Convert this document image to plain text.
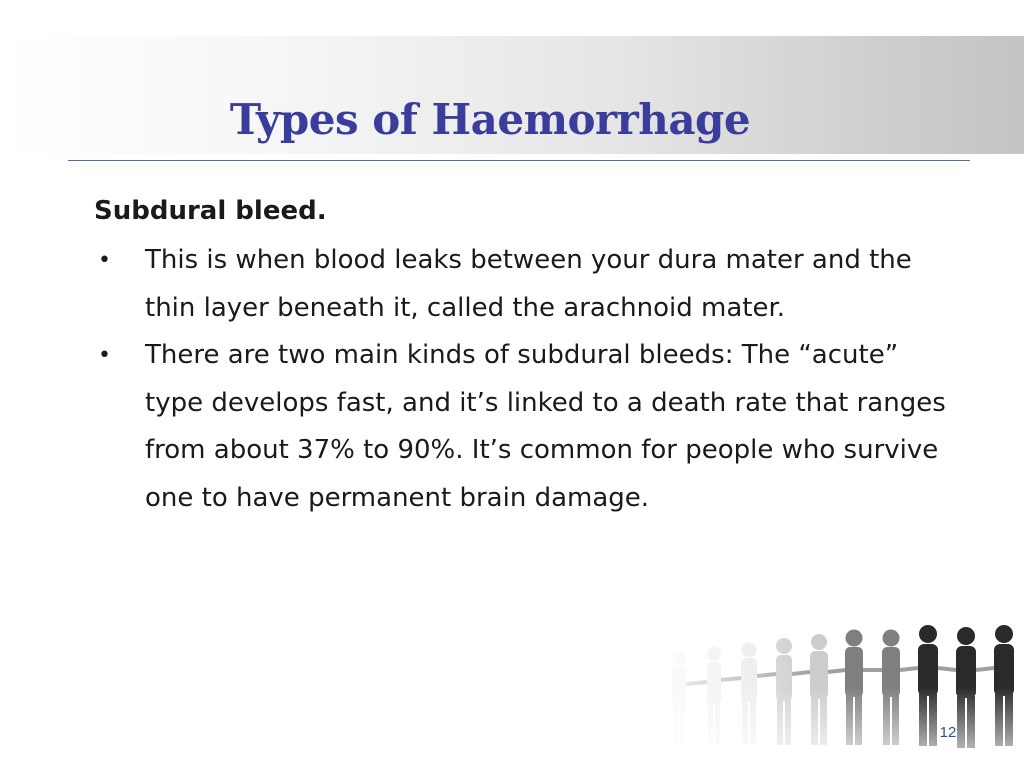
Types of Haemorrhage

Subdural bleed.

• This is when blood leaks between your dura mater and the thin layer beneath it, called the arachnoid mater.
• There are two main kinds of subdural bleeds: The “acute” type develops fast, and it’s linked to a death rate that ranges from about 37% to 90%. It’s common for people who survive one to have permanent brain damage.
12
